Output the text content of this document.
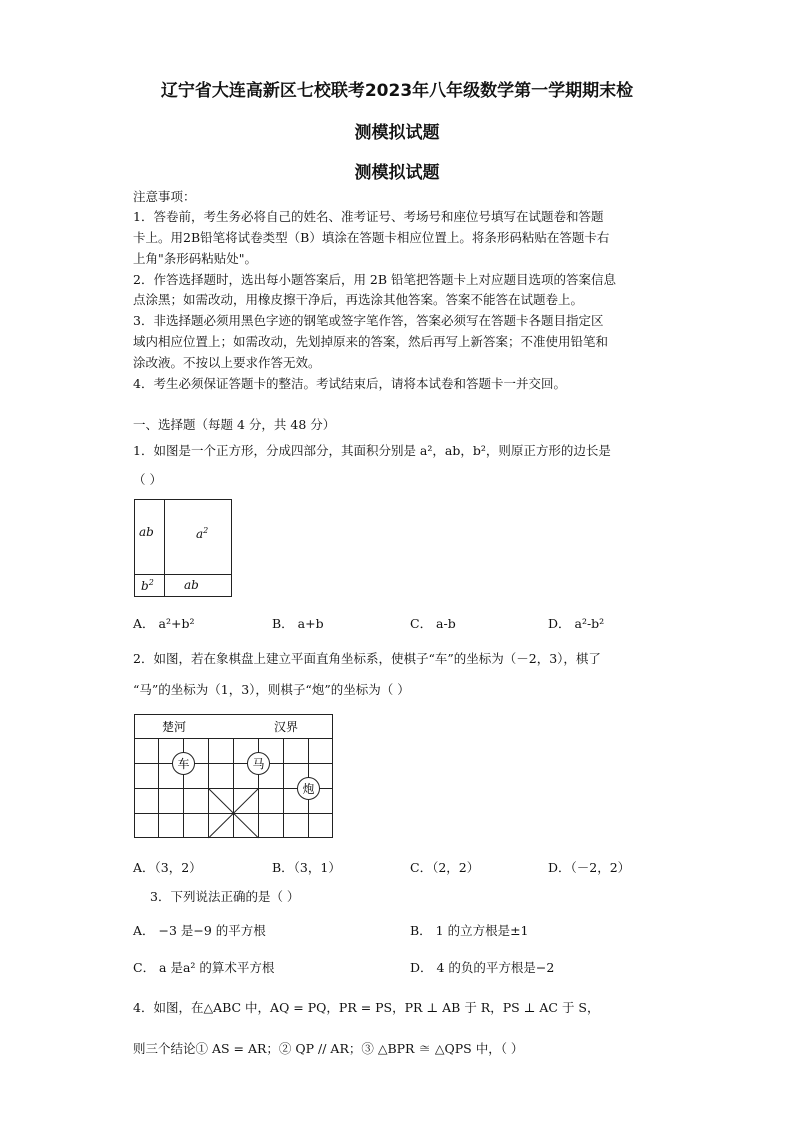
辽宁省大连高新区七校联考2023年八年级数学第一学期期末检
测模拟试题
测模拟试题
注意事项：
1．答卷前，考生务必将自己的姓名、准考证号、考场号和座位号填写在试题卷和答题
卡上。用2B铅笔将试卷类型（B）填涂在答题卡相应位置上。将条形码粘贴在答题卡右
上角"条形码粘贴处"。
2．作答选择题时，选出每小题答案后，用 2B 铅笔把答题卡上对应题目选项的答案信息
点涂黑；如需改动，用橡皮擦干净后，再选涂其他答案。答案不能答在试题卷上。
3．非选择题必须用黑色字迹的钢笔或签字笔作答，答案必须写在答题卡各题目指定区
域内相应位置上；如需改动，先划掉原来的答案，然后再写上新答案；不准使用铅笔和
涂改液。不按以上要求作答无效。
4．考生必须保证答题卡的整洁。考试结束后，请将本试卷和答题卡一并交回。
一、选择题（每题 4 分，共 48 分）
1．如图是一个正方形，分成四部分，其面积分别是 a²，ab，b²，则原正方形的边长是
（ ）
ab	$a^2$
$b^2$	ab
A． a²+b²	B． a+b	C． a-b	D． a²-b²
2．如图，若在象棋盘上建立平面直角坐标系，使棋子“车”的坐标为（－2，3），棋了
“马”的坐标为（1，3），则棋子“炮”的坐标为（ ）
楚河	汉界
车	马
炮
A．（3，2）	B．（3，1）	C．（2，2）	D．（－2，2）
3．下列说法正确的是（ ）
A． −3 是−9 的平方根	B． 1 的立方根是±1
C． a 是a² 的算术平方根	D． 4 的负的平方根是−2
4．如图，在△ABC 中，AQ = PQ，PR = PS，PR ⊥ AB 于 R，PS ⊥ AC 于 S，
则三个结论① AS = AR；② QP // AR；③ △BPR ≅ △QPS 中，（ ）
